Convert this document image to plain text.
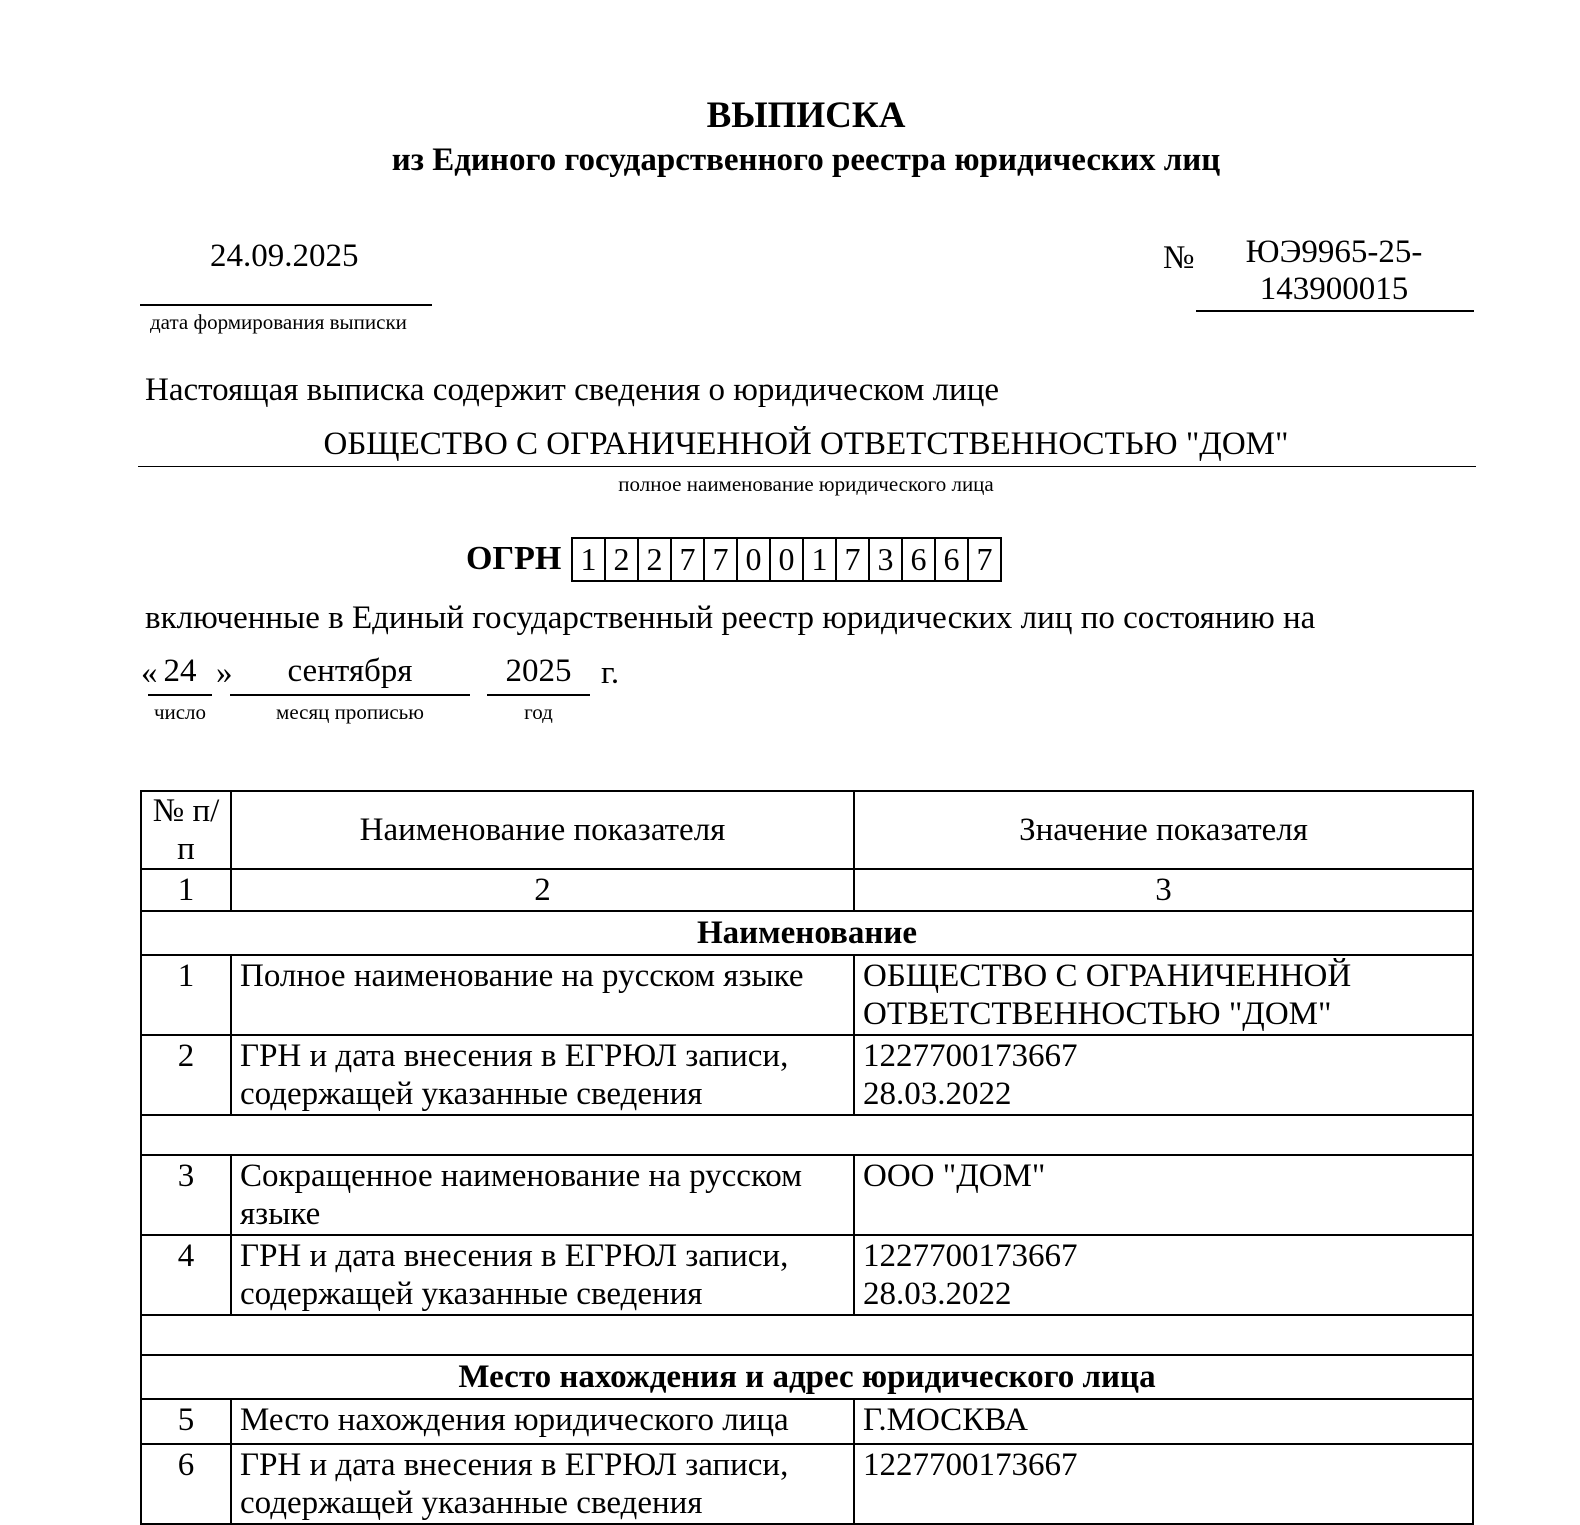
ВЫПИСКА
из Единого государственного реестра юридических лиц
24.09.2025
дата формирования выписки
№	ЮЭ9965-25-143900015
Настоящая выписка содержит сведения о юридическом лице
ОБЩЕСТВО С ОГРАНИЧЕННОЙ ОТВЕТСТВЕННОСТЬЮ "ДОМ"
полное наименование юридического лица
ОГРН 1 2 2 7 7 0 0 1 7 3 6 6 7
включенные в Единый государственный реестр юридических лиц по состоянию на
« 24 »	сентября	2025 г.
число	месяц прописью	год
№ п/п	Наименование показателя	Значение показателя
1	2	3
Наименование		
1	Полное наименование на русском языке	ОБЩЕСТВО С ОГРАНИЧЕННОЙ ОТВЕТСТВЕННОСТЬЮ "ДОМ"

2	ГРН и дата внесения в ЕГРЮЛ записи, содержащей указанные сведения	1227700173667
28.03.2022

3	Сокращенное наименование на русском языке	ООО "ДОМ"

4	ГРН и дата внесения в ЕГРЮЛ записи, содержащей указанные сведения	1227700173667
28.03.2022

Место нахождения и адрес юридического лица		
5	Место нахождения юридического лица	Г.МОСКВА

6	ГРН и дата внесения в ЕГРЮЛ записи, содержащей указанные сведения	1227700173667
